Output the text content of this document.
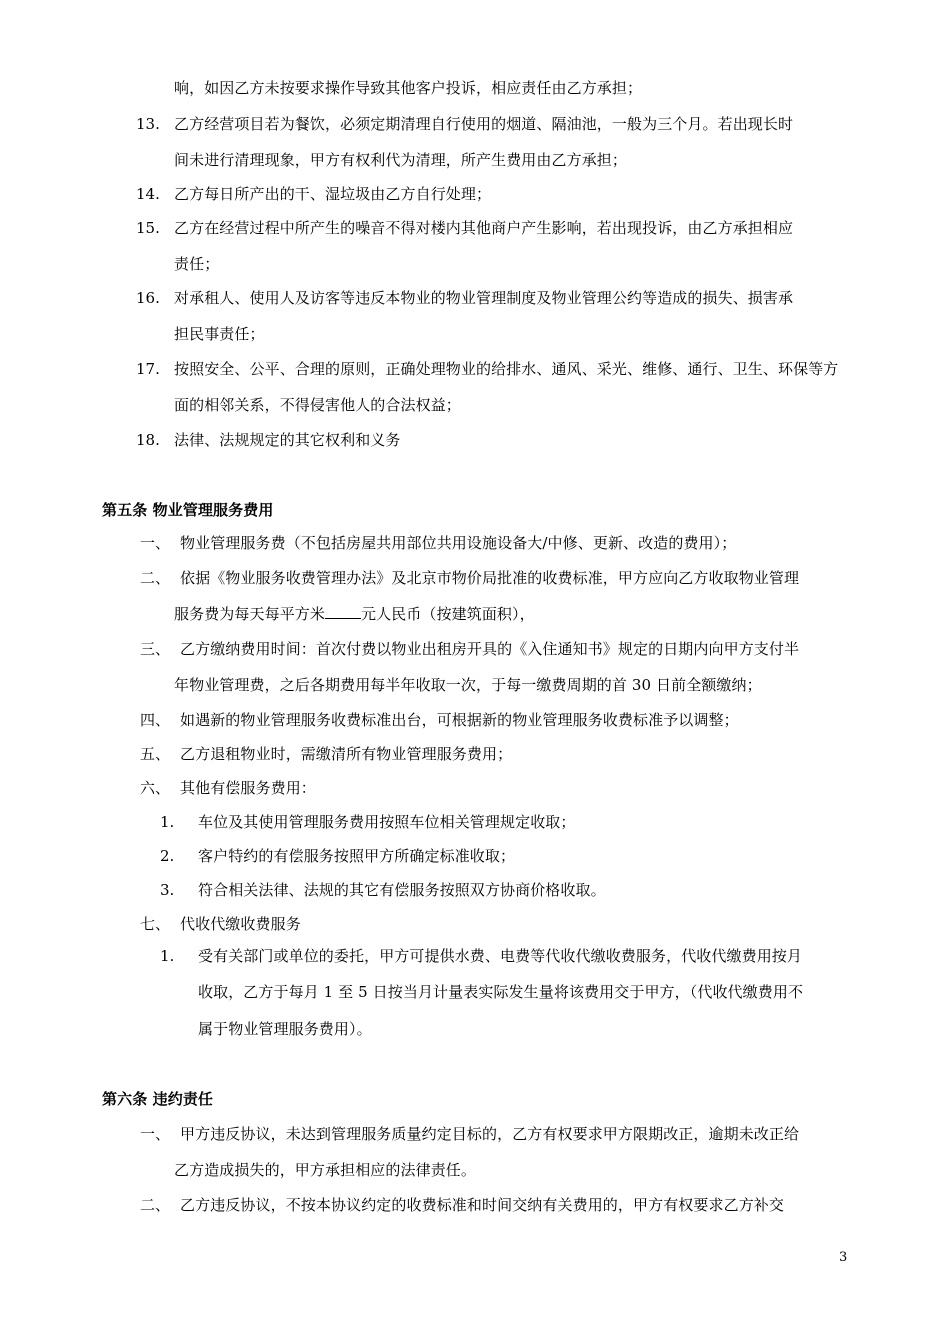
响，如因乙方未按要求操作导致其他客户投诉，相应责任由乙方承担；
13. 乙方经营项目若为餐饮，必须定期清理自行使用的烟道、隔油池，一般为三个月。若出现长时
间未进行清理现象，甲方有权利代为清理，所产生费用由乙方承担；
14. 乙方每日所产出的干、湿垃圾由乙方自行处理；
15. 乙方在经营过程中所产生的噪音不得对楼内其他商户产生影响，若出现投诉，由乙方承担相应
责任；
16. 对承租人、使用人及访客等违反本物业的物业管理制度及物业管理公约等造成的损失、损害承
担民事责任；
17. 按照安全、公平、合理的原则，正确处理物业的给排水、通风、采光、维修、通行、卫生、环保等方
面的相邻关系，不得侵害他人的合法权益；
18. 法律、法规规定的其它权利和义务
第五条 物业管理服务费用
一、 物业管理服务费（不包括房屋共用部位共用设施设备大/中修、更新、改造的费用）；
二、 依据《物业服务收费管理办法》及北京市物价局批准的收费标准，甲方应向乙方收取物业管理
服务费为每天每平方米 元人民币（按建筑面积），
三、 乙方缴纳费用时间：首次付费以物业出租房开具的《入住通知书》规定的日期内向甲方支付半
年物业管理费，之后各期费用每半年收取一次，于每一缴费周期的首 30 日前全额缴纳；
四、 如遇新的物业管理服务收费标准出台，可根据新的物业管理服务收费标准予以调整；
五、 乙方退租物业时，需缴清所有物业管理服务费用；
六、 其他有偿服务费用：
1. 车位及其使用管理服务费用按照车位相关管理规定收取；
2. 客户特约的有偿服务按照甲方所确定标准收取；
3. 符合相关法律、法规的其它有偿服务按照双方协商价格收取。
七、 代收代缴收费服务
1. 受有关部门或单位的委托，甲方可提供水费、电费等代收代缴收费服务，代收代缴费用按月
收取，乙方于每月 1 至 5 日按当月计量表实际发生量将该费用交于甲方，（代收代缴费用不
属于物业管理服务费用）。
第六条 违约责任
一、 甲方违反协议，未达到管理服务质量约定目标的，乙方有权要求甲方限期改正，逾期未改正给
乙方造成损失的，甲方承担相应的法律责任。
二、 乙方违反协议，不按本协议约定的收费标准和时间交纳有关费用的，甲方有权要求乙方补交
3
